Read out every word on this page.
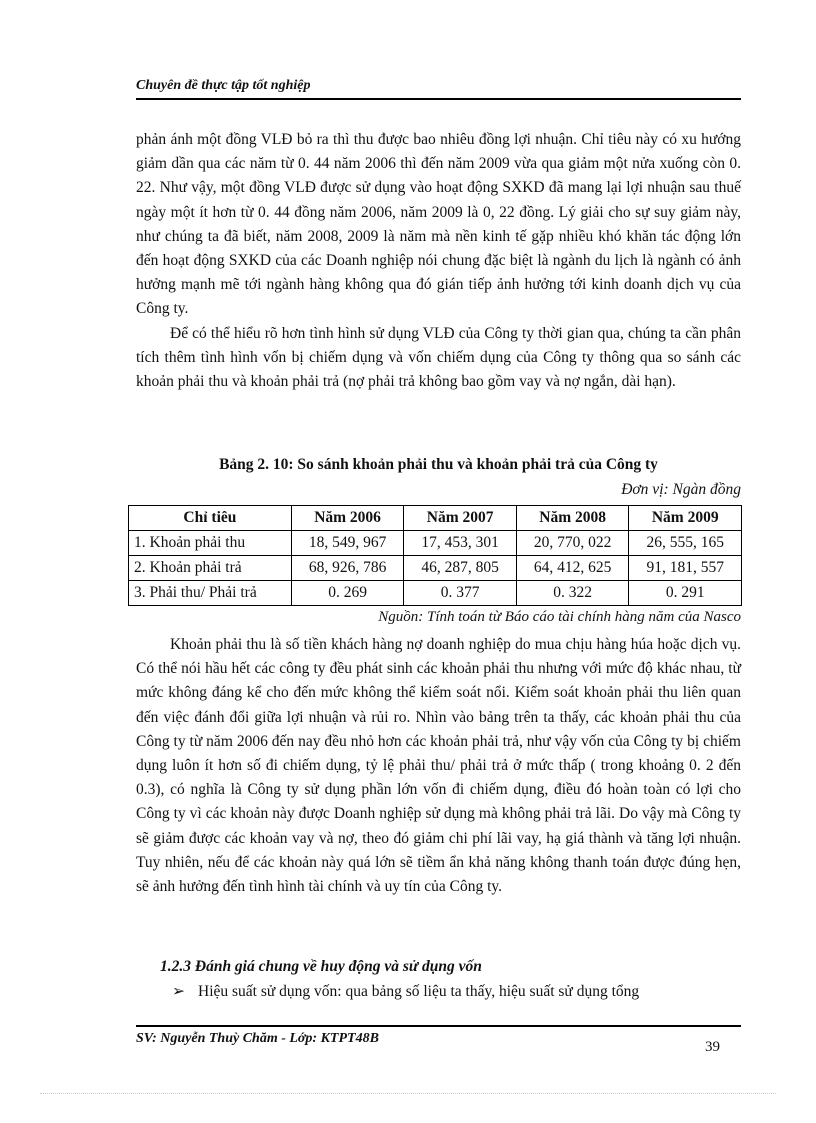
Chuyên đề thực tập tốt nghiệp

phản ánh một đồng VLĐ bỏ ra thì thu được bao nhiêu đồng lợi nhuận. Chỉ tiêu này có xu hướng giảm dần qua các năm từ 0. 44 năm 2006 thì đến năm 2009 vừa qua giảm một nửa xuống còn 0. 22. Như vậy, một đồng VLĐ được sử dụng vào hoạt động SXKD đã mang lại lợi nhuận sau thuế ngày một ít hơn từ 0. 44 đồng năm 2006, năm 2009 là 0, 22 đồng. Lý giải cho sự suy giảm này, như chúng ta đã biết, năm 2008, 2009 là năm mà nền kinh tế gặp nhiều khó khăn tác động lớn đến hoạt động SXKD của các Doanh nghiệp nói chung đặc biệt là ngành du lịch là ngành có ảnh hưởng mạnh mẽ tới ngành hàng không qua đó gián tiếp ảnh hưởng tới kinh doanh dịch vụ của Công ty.

Để có thể hiểu rõ hơn tình hình sử dụng VLĐ của Công ty thời gian qua, chúng ta cần phân tích thêm tình hình vốn bị chiếm dụng và vốn chiếm dụng của Công ty thông qua so sánh các khoản phải thu và khoản phải trả (nợ phải trả không bao gồm vay và nợ ngắn, dài hạn).

Bảng 2. 10: So sánh khoản phải thu và khoản phải trả của Công ty
Đơn vị: Ngàn đồng
Chỉ tiêu	Năm 2006	Năm 2007	Năm 2008	Năm 2009
1. Khoản phải thu	18, 549, 967	17, 453, 301	20, 770, 022	26, 555, 165
2. Khoản phải trả	68, 926, 786	46, 287, 805	64, 412, 625	91, 181, 557
3. Phải thu/ Phải trả	0. 269	0. 377	0. 322	0. 291
Nguồn: Tính toán từ Báo cáo tài chính hàng năm của Nasco

Khoản phải thu là số tiền khách hàng nợ doanh nghiệp do mua chịu hàng húa hoặc dịch vụ. Có thể nói hầu hết các công ty đều phát sinh các khoản phải thu nhưng với mức độ khác nhau, từ mức không đáng kể cho đến mức không thể kiểm soát nổi. Kiểm soát khoản phải thu liên quan đến việc đánh đổi giữa lợi nhuận và rủi ro. Nhìn vào bảng trên ta thấy, các khoản phải thu của Công ty từ năm 2006 đến nay đều nhỏ hơn các khoản phải trả, như vậy vốn của Công ty bị chiếm dụng luôn ít hơn số đi chiếm dụng, tỷ lệ phải thu/ phải trả ở mức thấp ( trong khoảng 0. 2 đến 0.3), có nghĩa là Công ty sử dụng phần lớn vốn đi chiếm dụng, điều đó hoàn toàn có lợi cho Công ty vì các khoản này được Doanh nghiệp sử dụng mà không phải trả lãi. Do vậy mà Công ty sẽ giảm được các khoản vay và nợ, theo đó giảm chi phí lãi vay, hạ giá thành và tăng lợi nhuận. Tuy nhiên, nếu để các khoản này quá lớn sẽ tiềm ẩn khả năng không thanh toán được đúng hẹn, sẽ ảnh hưởng đến tình hình tài chính và uy tín của Công ty.

1.2.3 Đánh giá chung về huy động và sử dụng vốn
➢ Hiệu suất sử dụng vốn: qua bảng số liệu ta thấy, hiệu suất sử dụng tổng
SV: Nguyễn Thuỳ Chăm - Lớp: KTPT48B
39
